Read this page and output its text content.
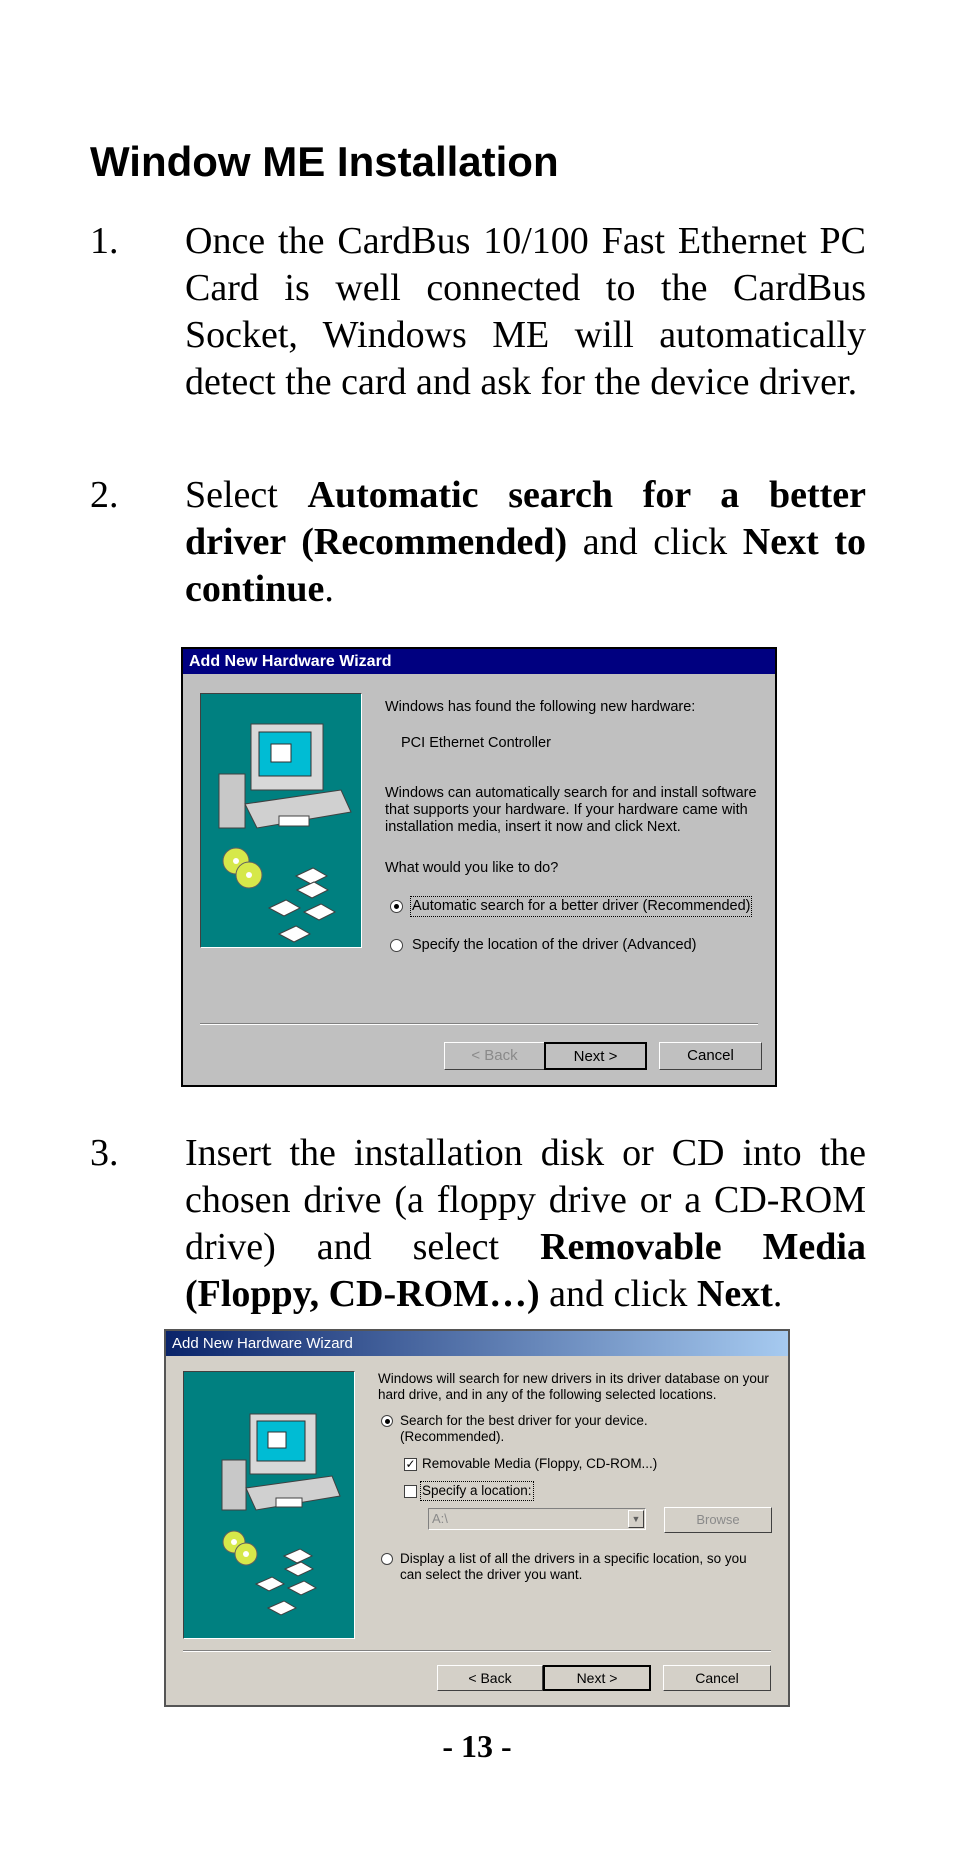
Window ME Installation
1. Once the CardBus 10/100 Fast Ethernet PC Card is well connected to the CardBus Socket, Windows ME will automatically detect the card and ask for the device driver.
2. Select Automatic search for a better driver (Recommended) and click Next to continue.
Add New Hardware Wizard
Windows has found the following new hardware:
PCI Ethernet Controller
Windows can automatically search for and install software that supports your hardware. If your hardware came with installation media, insert it now and click Next.
What would you like to do?
Automatic search for a better driver (Recommended)
Specify the location of the driver (Advanced)
< Back	Next >	Cancel
3. Insert the installation disk or CD into the chosen drive (a floppy drive or a CD-ROM drive) and select Removable Media (Floppy, CD-ROM…) and click Next.
Add New Hardware Wizard
Windows will search for new drivers in its driver database on your hard drive, and in any of the following selected locations.
Search for the best driver for your device.
(Recommended).
✓ Removable Media (Floppy, CD-ROM...)
Specify a location:
A:\	▼	Browse
Display a list of all the drivers in a specific location, so you
can select the driver you want.
< Back	Next >	Cancel
- 13 -
